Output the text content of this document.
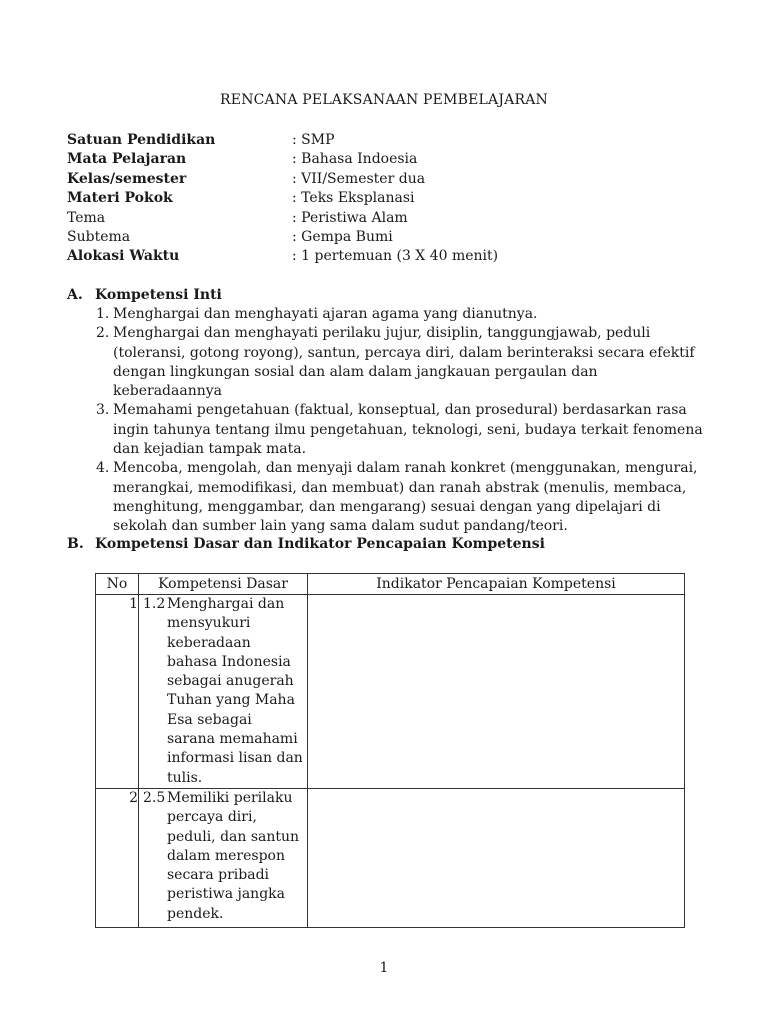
RENCANA PELAKSANAAN PEMBELAJARAN
Satuan Pendidikan	: SMP
Mata Pelajaran	: Bahasa Indoesia
Kelas/semester	: VII/Semester dua
Materi Pokok	: Teks Eksplanasi
Tema	: Peristiwa Alam
Subtema	: Gempa Bumi
Alokasi Waktu	: 1 pertemuan (3 X 40 menit)
A. Kompetensi Inti
1. Menghargai dan menghayati ajaran agama yang dianutnya.
2. Menghargai dan menghayati perilaku jujur, disiplin, tanggungjawab, peduli (toleransi, gotong royong), santun, percaya diri, dalam berinteraksi secara efektif dengan lingkungan sosial dan alam dalam jangkauan pergaulan dan keberadaannya
3. Memahami pengetahuan (faktual, konseptual, dan prosedural) berdasarkan rasa ingin tahunya tentang ilmu pengetahuan, teknologi, seni, budaya terkait fenomena dan kejadian tampak mata.
4. Mencoba, mengolah, dan menyaji dalam ranah konkret (menggunakan, mengurai, merangkai, memodifikasi, dan membuat) dan ranah abstrak (menulis, membaca, menghitung, menggambar, dan mengarang) sesuai dengan yang dipelajari di sekolah dan sumber lain yang sama dalam sudut pandang/teori.
B. Kompetensi Dasar dan Indikator Pencapaian Kompetensi
No	Kompetensi Dasar	Indikator Pencapaian Kompetensi
1	1.2 Menghargai dan mensyukuri keberadaan bahasa Indonesia sebagai anugerah Tuhan yang Maha Esa sebagai sarana memahami informasi lisan dan tulis.	

2	2.5 Memiliki perilaku percaya diri, peduli, dan santun dalam merespon secara pribadi peristiwa jangka pendek.	

1
